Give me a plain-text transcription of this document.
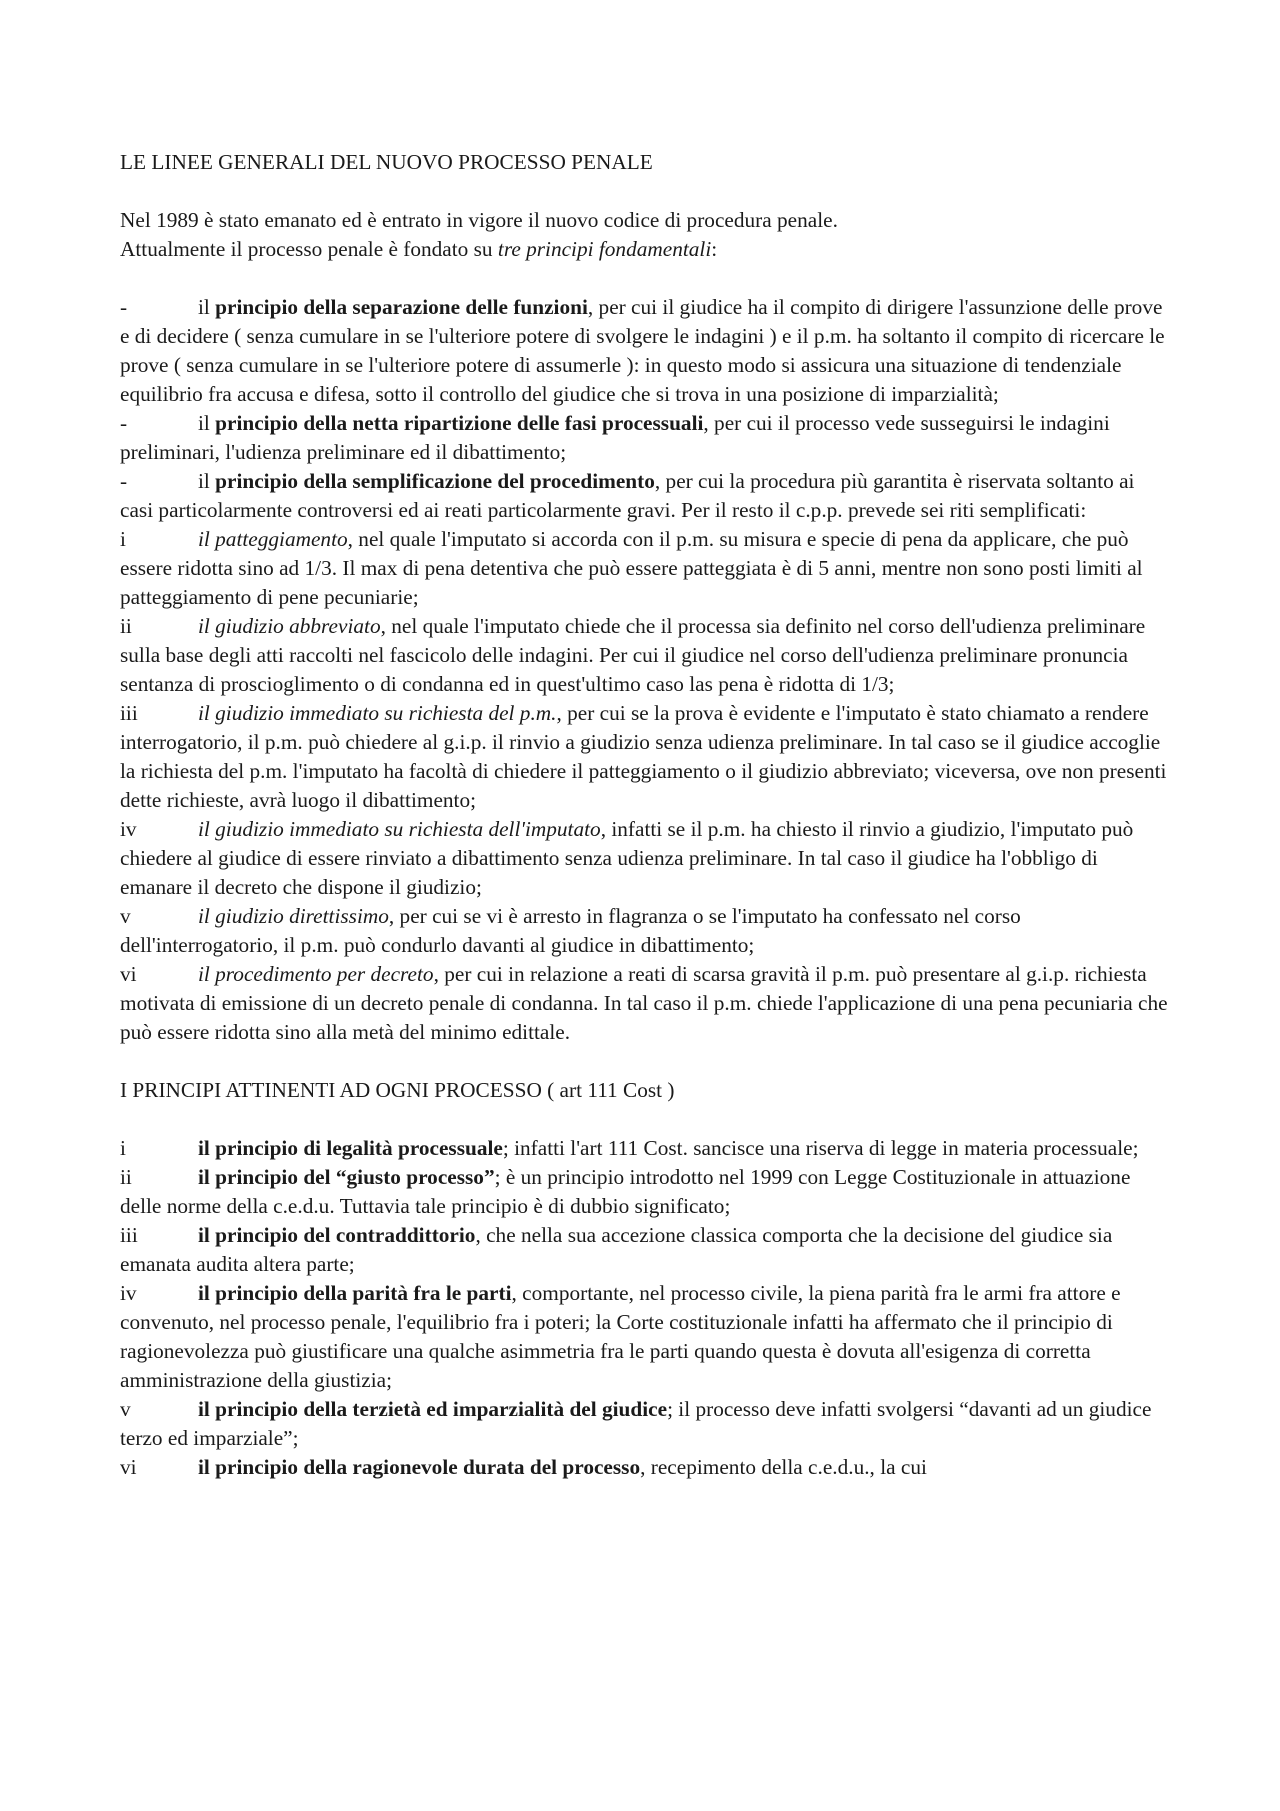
LE LINEE GENERALI DEL NUOVO PROCESSO PENALE

Nel 1989 è stato emanato ed è entrato in vigore il nuovo codice di procedura penale.
Attualmente il processo penale è fondato su tre principi fondamentali:

-	il principio della separazione delle funzioni, per cui il giudice ha il compito di dirigere l'assunzione delle prove e di decidere ( senza cumulare in se l'ulteriore potere di svolgere le indagini ) e il p.m. ha soltanto il compito di ricercare le prove ( senza cumulare in se l'ulteriore potere di assumerle ): in questo modo si assicura una situazione di tendenziale equilibrio fra accusa e difesa, sotto il controllo del giudice che si trova in una posizione di imparzialità;

-	il principio della netta ripartizione delle fasi processuali, per cui il processo vede susseguirsi le indagini preliminari, l'udienza preliminare ed il dibattimento;

-	il principio della semplificazione del procedimento, per cui la procedura più garantita è riservata soltanto ai casi particolarmente controversi ed ai reati particolarmente gravi. Per il resto il c.p.p. prevede sei riti semplificati:

i	il patteggiamento, nel quale l'imputato si accorda con il p.m. su misura e specie di pena da applicare, che può essere ridotta sino ad 1/3. Il max di pena detentiva che può essere patteggiata è di 5 anni, mentre non sono posti limiti al patteggiamento di pene pecuniarie;

ii	il giudizio abbreviato, nel quale l'imputato chiede che il processa sia definito nel corso dell'udienza preliminare sulla base degli atti raccolti nel fascicolo delle indagini. Per cui il giudice nel corso dell'udienza preliminare pronuncia sentanza di proscioglimento o di condanna ed in quest'ultimo caso las pena è ridotta di 1/3;

iii	il giudizio immediato su richiesta del p.m., per cui se la prova è evidente e l'imputato è stato chiamato a rendere interrogatorio, il p.m. può chiedere al g.i.p. il rinvio a giudizio senza udienza preliminare. In tal caso se il giudice accoglie la richiesta del p.m. l'imputato ha facoltà di chiedere il patteggiamento o il giudizio abbreviato; viceversa, ove non presenti dette richieste, avrà luogo il dibattimento;

iv	il giudizio immediato su richiesta dell'imputato, infatti se il p.m. ha chiesto il rinvio a giudizio, l'imputato può chiedere al giudice di essere rinviato a dibattimento senza udienza preliminare. In tal caso il giudice ha l'obbligo di emanare il decreto che dispone il giudizio;

v	il giudizio direttissimo, per cui se vi è arresto in flagranza o se l'imputato ha confessato nel corso dell'interrogatorio, il p.m. può condurlo davanti al giudice in dibattimento;

vi	il procedimento per decreto, per cui in relazione a reati di scarsa gravità il p.m. può presentare al g.i.p. richiesta motivata di emissione di un decreto penale di condanna. In tal caso il p.m. chiede l'applicazione di una pena pecuniaria che può essere ridotta sino alla metà del minimo edittale.

I PRINCIPI ATTINENTI AD OGNI PROCESSO ( art 111 Cost )

i	il principio di legalità processuale; infatti l'art 111 Cost. sancisce una riserva di legge in materia processuale;

ii	il principio del “giusto processo”; è un principio introdotto nel 1999 con Legge Costituzionale in attuazione delle norme della c.e.d.u. Tuttavia tale principio è di dubbio significato;

iii	il principio del contraddittorio, che nella sua accezione classica comporta che la decisione del giudice sia emanata audita altera parte;

iv	il principio della parità fra le parti, comportante, nel processo civile, la piena parità fra le armi fra attore e convenuto, nel processo penale, l'equilibrio fra i poteri; la Corte costituzionale infatti ha affermato che il principio di ragionevolezza può giustificare una qualche asimmetria fra le parti quando questa è dovuta all'esigenza di corretta amministrazione della giustizia;

v	il principio della terzietà ed imparzialità del giudice; il processo deve infatti svolgersi “davanti ad un giudice terzo ed imparziale”;

vi	il principio della ragionevole durata del processo, recepimento della c.e.d.u., la cui
